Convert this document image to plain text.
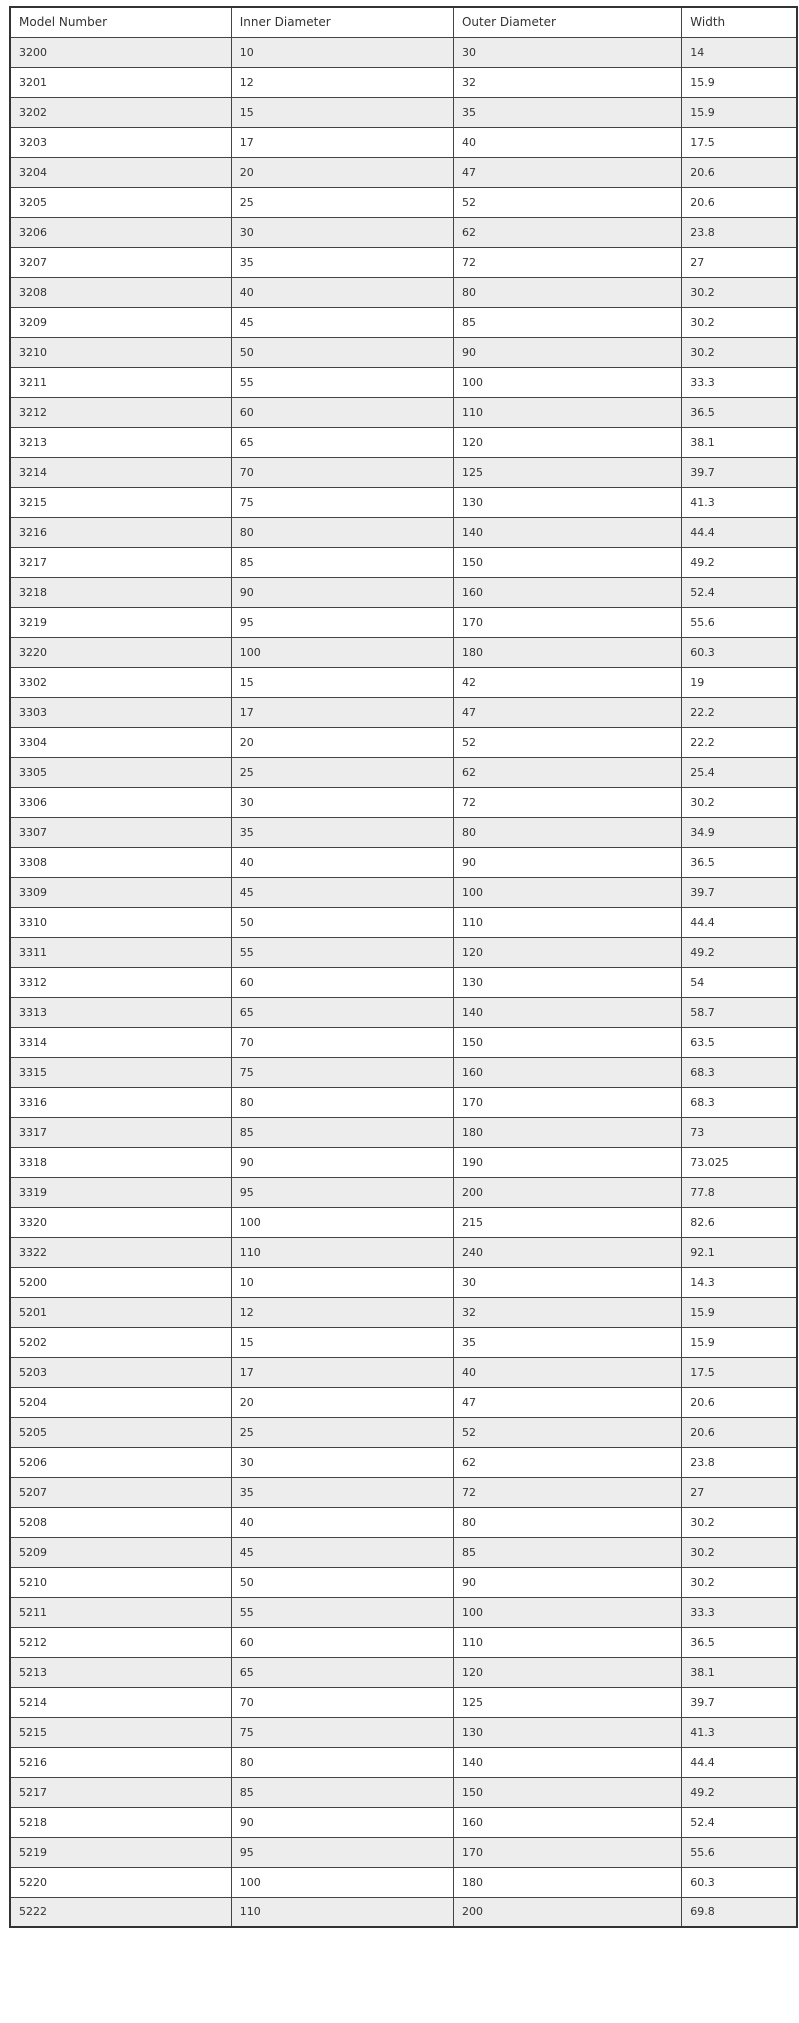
Model Number	Inner Diameter	Outer Diameter	Width
3200	10	30	14
3201	12	32	15.9
3202	15	35	15.9
3203	17	40	17.5
3204	20	47	20.6
3205	25	52	20.6
3206	30	62	23.8
3207	35	72	27
3208	40	80	30.2
3209	45	85	30.2
3210	50	90	30.2
3211	55	100	33.3
3212	60	110	36.5
3213	65	120	38.1
3214	70	125	39.7
3215	75	130	41.3
3216	80	140	44.4
3217	85	150	49.2
3218	90	160	52.4
3219	95	170	55.6
3220	100	180	60.3
3302	15	42	19
3303	17	47	22.2
3304	20	52	22.2
3305	25	62	25.4
3306	30	72	30.2
3307	35	80	34.9
3308	40	90	36.5
3309	45	100	39.7
3310	50	110	44.4
3311	55	120	49.2
3312	60	130	54
3313	65	140	58.7
3314	70	150	63.5
3315	75	160	68.3
3316	80	170	68.3
3317	85	180	73
3318	90	190	73.025
3319	95	200	77.8
3320	100	215	82.6
3322	110	240	92.1
5200	10	30	14.3
5201	12	32	15.9
5202	15	35	15.9
5203	17	40	17.5
5204	20	47	20.6
5205	25	52	20.6
5206	30	62	23.8
5207	35	72	27
5208	40	80	30.2
5209	45	85	30.2
5210	50	90	30.2
5211	55	100	33.3
5212	60	110	36.5
5213	65	120	38.1
5214	70	125	39.7
5215	75	130	41.3
5216	80	140	44.4
5217	85	150	49.2
5218	90	160	52.4
5219	95	170	55.6
5220	100	180	60.3
5222	110	200	69.8
